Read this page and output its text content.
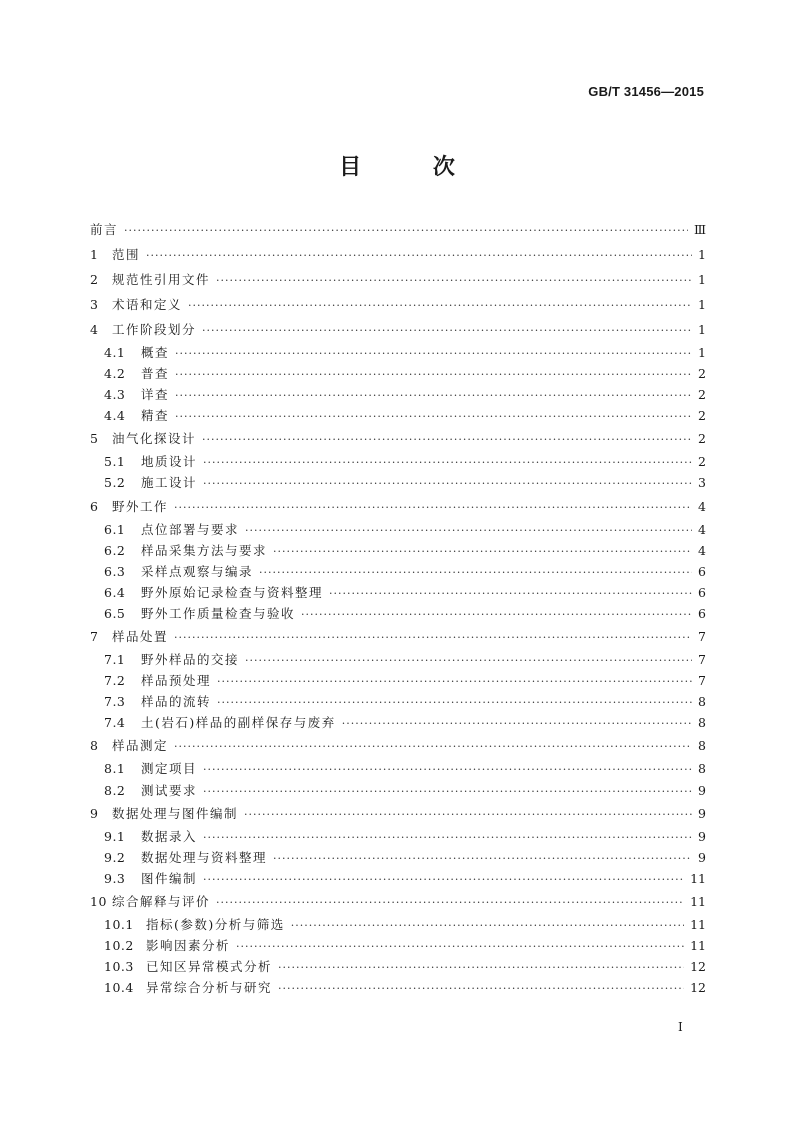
GB/T 31456—2015
目 次
前言 ·····	Ⅲ
1	范围 ·····	1
2	规范性引用文件 ·····	1
3	术语和定义 ·····	1
4	工作阶段划分 ·····	1
4.1	概查 ·····	1
4.2	普查 ·····	2
4.3	详查 ·····	2
4.4	精查 ·····	2
5	油气化探设计 ·····	2
5.1	地质设计 ·····	2
5.2	施工设计 ·····	3
6	野外工作 ·····	4
6.1	点位部署与要求 ·····	4
6.2	样品采集方法与要求 ·····	4
6.3	采样点观察与编录 ·····	6
6.4	野外原始记录检查与资料整理 ·····	6
6.5	野外工作质量检查与验收 ·····	6
7	样品处置 ·····	7
7.1	野外样品的交接 ·····	7
7.2	样品预处理 ·····	7
7.3	样品的流转 ·····	8
7.4	土(岩石)样品的副样保存与废弃 ·····	8
8	样品测定 ·····	8
8.1	测定项目 ·····	8
8.2	测试要求 ·····	9
9	数据处理与图件编制 ·····	9
9.1	数据录入 ·····	9
9.2	数据处理与资料整理 ·····	9
9.3	图件编制 ·····	11
10 综合解释与评价 ·····	11
10.1 指标(参数)分析与筛选 ·····	11
10.2 影响因素分析 ·····	11
10.3 已知区异常模式分析 ·····	12
10.4 异常综合分析与研究 ·····	12
I
